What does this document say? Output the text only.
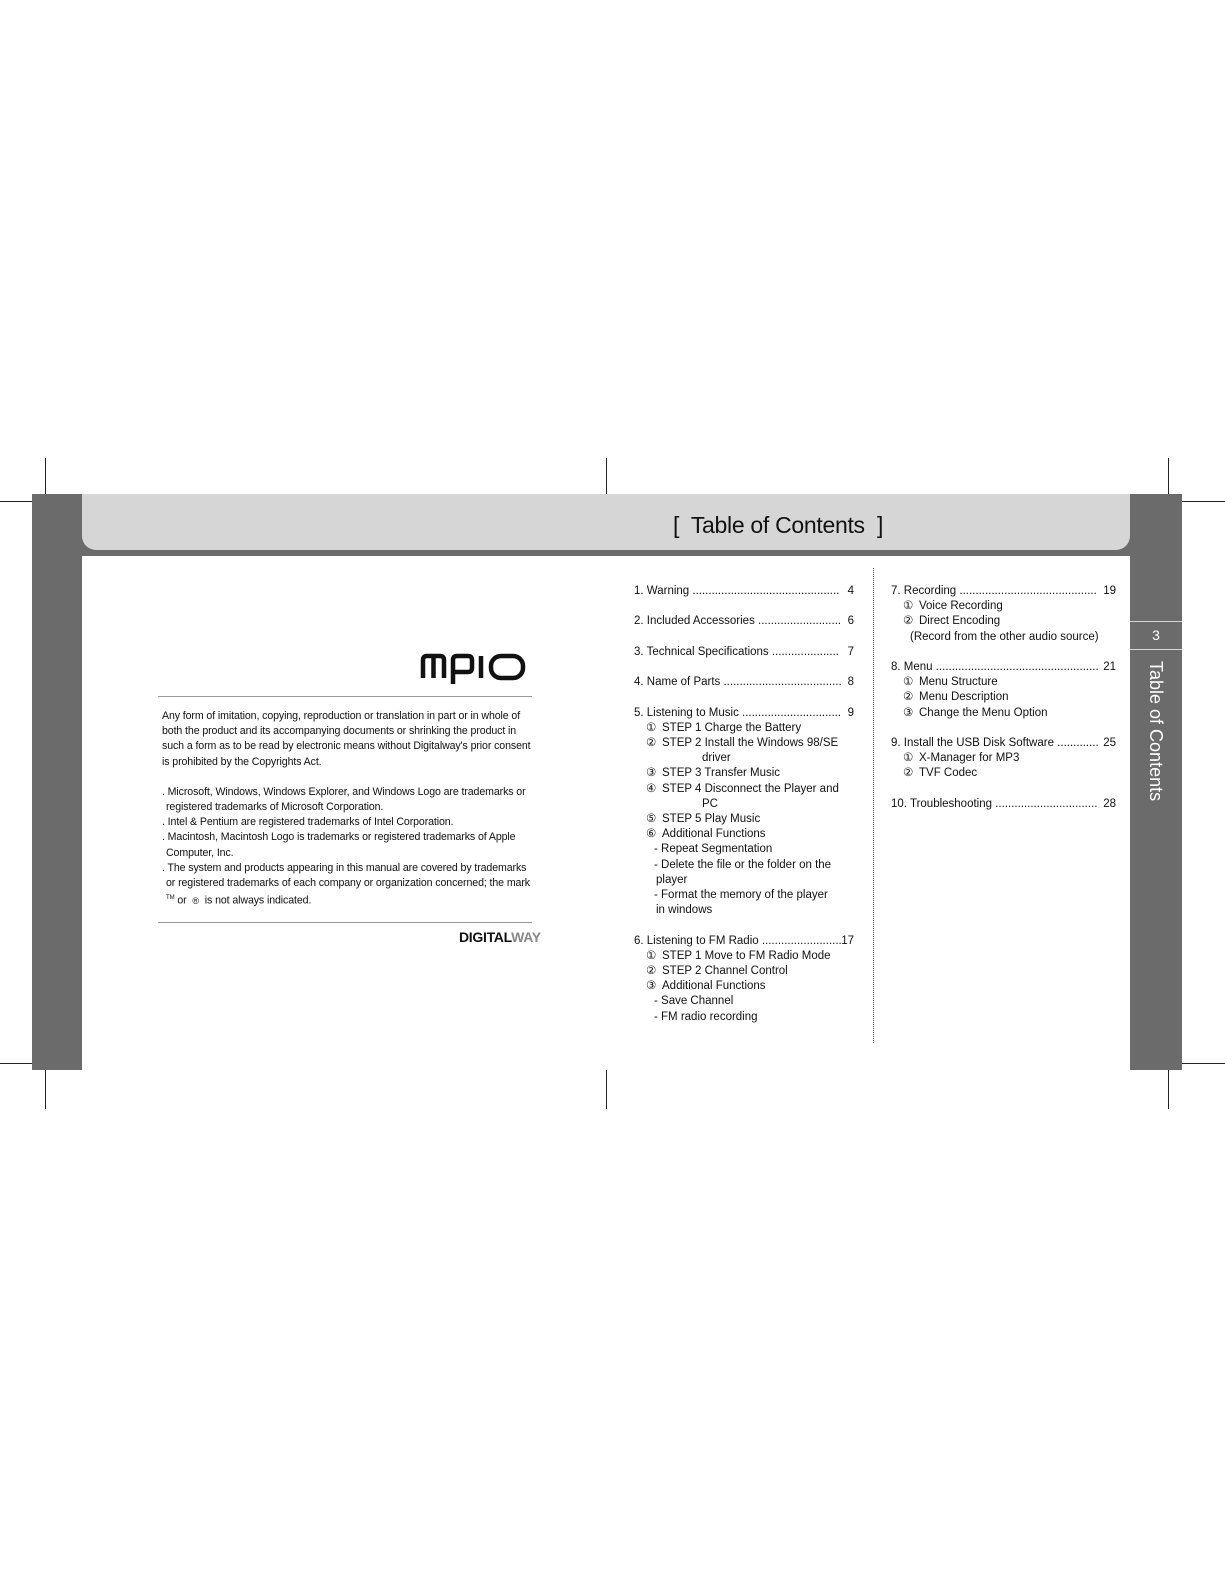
3
Table of Contents
[  Table of Contents  ]

Any form of imitation, copying, reproduction or translation in part or in whole of both the product and its accompanying documents or shrinking the product in such a form as to be read by electronic means without Digitalway's prior consent is prohibited by the Copyrights Act.

. Microsoft, Windows, Windows Explorer, and Windows Logo are trademarks or

registered trademarks of Microsoft Corporation.

. Intel & Pentium are registered trademarks of Intel Corporation.

. Macintosh, Macintosh Logo is trademarks or registered trademarks of Apple

Computer, Inc.

. The system and products appearing in this manual are covered by trademarks

or registered trademarks of each company or organization concerned; the mark

™ or ® is not always indicated.

DIGITALWAY
1. Warning .............................................. 4
2. Included Accessories .......................... 6
3. Technical Specifications ..................... 7
4. Name of Parts ..................................... 8
5. Listening to Music ............................... 9
① STEP 1 Charge the Battery
② STEP 2 Install the Windows 98/SE
driver
③ STEP 3 Transfer Music
④ STEP 4 Disconnect the Player and
PC
⑤ STEP 5 Play Music
⑥ Additional Functions
- Repeat Segmentation
- Delete the file or the folder on the
player
- Format the memory of the player
in windows
6. Listening to FM Radio ......................... 17
① STEP 1 Move to FM Radio Mode
② STEP 2 Channel Control
③ Additional Functions
- Save Channel
- FM radio recording
7. Recording ........................................... 19
① Voice Recording
② Direct Encoding
(Record from the other audio source)
8. Menu ................................................... 21
① Menu Structure
② Menu Description
③ Change the Menu Option
9. Install the USB Disk Software ............. 25
① X-Manager for MP3
② TVF Codec
10. Troubleshooting ................................ 28
